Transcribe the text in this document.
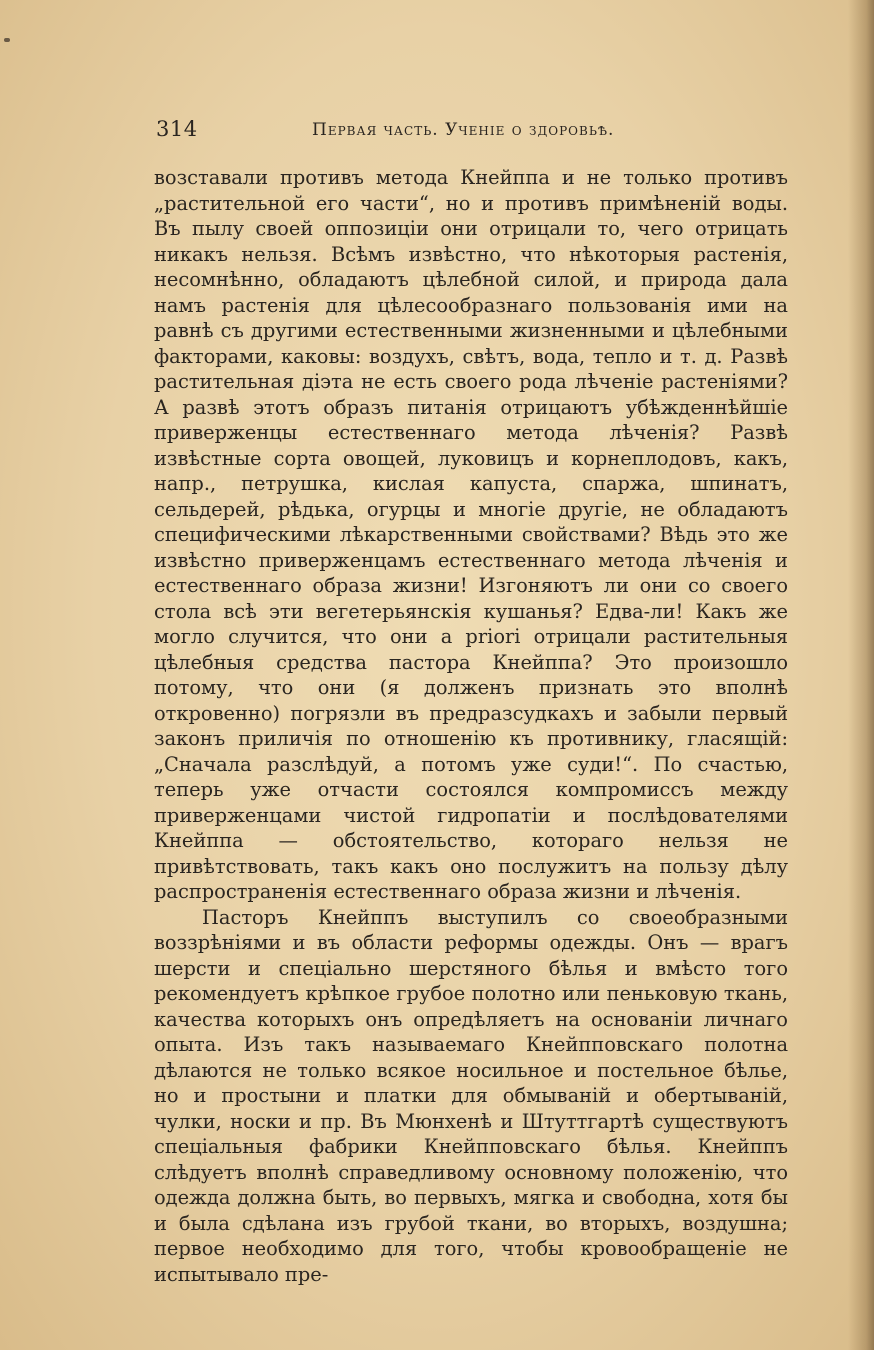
314	Первая часть. Ученіе о здоровьѣ.

возставали противъ метода Кнейппа и не только противъ „растительной его части“, но и противъ примѣненій воды. Въ пылу своей оппозиціи они отрицали то, чего отрицать никакъ нельзя. Всѣмъ извѣстно, что нѣкоторыя растенія, несомнѣнно, обладаютъ цѣлебной силой, и природа дала намъ растенія для цѣлесообразнаго пользованія ими на равнѣ съ другими естественными жизненными и цѣлебными факторами, каковы: воздухъ, свѣтъ, вода, тепло и т. д. Развѣ растительная діэта не есть своего рода лѣченіе растеніями? А развѣ этотъ образъ питанія отрицаютъ убѣжденнѣйшіе приверженцы естественнаго метода лѣченія? Развѣ извѣстные сорта овощей, луковицъ и корнеплодовъ, какъ, напр., петрушка, кислая капуста, спаржа, шпинатъ, сельдерей, рѣдька, огурцы и многіе другіе, не обладаютъ специфическими лѣкарственными свойствами? Вѣдь это же извѣстно приверженцамъ естественнаго метода лѣченія и естественнаго образа жизни! Изгоняютъ ли они со своего стола всѣ эти вегетерьянскія кушанья? Едва-ли! Какъ же могло случится, что они a priori отрицали растительныя цѣлебныя средства пастора Кнейппа? Это произошло потому, что они (я долженъ признать это вполнѣ откровенно) погрязли въ предразсудкахъ и забыли первый законъ приличія по отношенію къ противнику, гласящій: „Сначала разслѣдуй, а потомъ уже суди!“. По счастью, теперь уже отчасти состоялся компромиссъ между приверженцами чистой гидропатіи и послѣдователями Кнейппа — обстоятельство, котораго нельзя не привѣтствовать, такъ какъ оно послужитъ на пользу дѣлу распространенія естественнаго образа жизни и лѣченія.

Пасторъ Кнейппъ выступилъ со своеобразными воззрѣніями и въ области реформы одежды. Онъ — врагъ шерсти и спеціально шерстяного бѣлья и вмѣсто того рекомендуетъ крѣпкое грубое полотно или пеньковую ткань, качества которыхъ онъ опредѣляетъ на основаніи личнаго опыта. Изъ такъ называемаго Кнейпповскаго полотна дѣлаются не только всякое носильное и постельное бѣлье, но и простыни и платки для обмываній и обертываній, чулки, носки и пр. Въ Мюнхенѣ и Штуттгартѣ существуютъ спеціальныя фабрики Кнейпповскаго бѣлья. Кнейппъ слѣдуетъ вполнѣ справедливому основному положенію, что одежда должна быть, во первыхъ, мягка и свободна, хотя бы и была сдѣлана изъ грубой ткани, во вторыхъ, воздушна; первое необходимо для того, чтобы кровообращеніе не испытывало пре-
